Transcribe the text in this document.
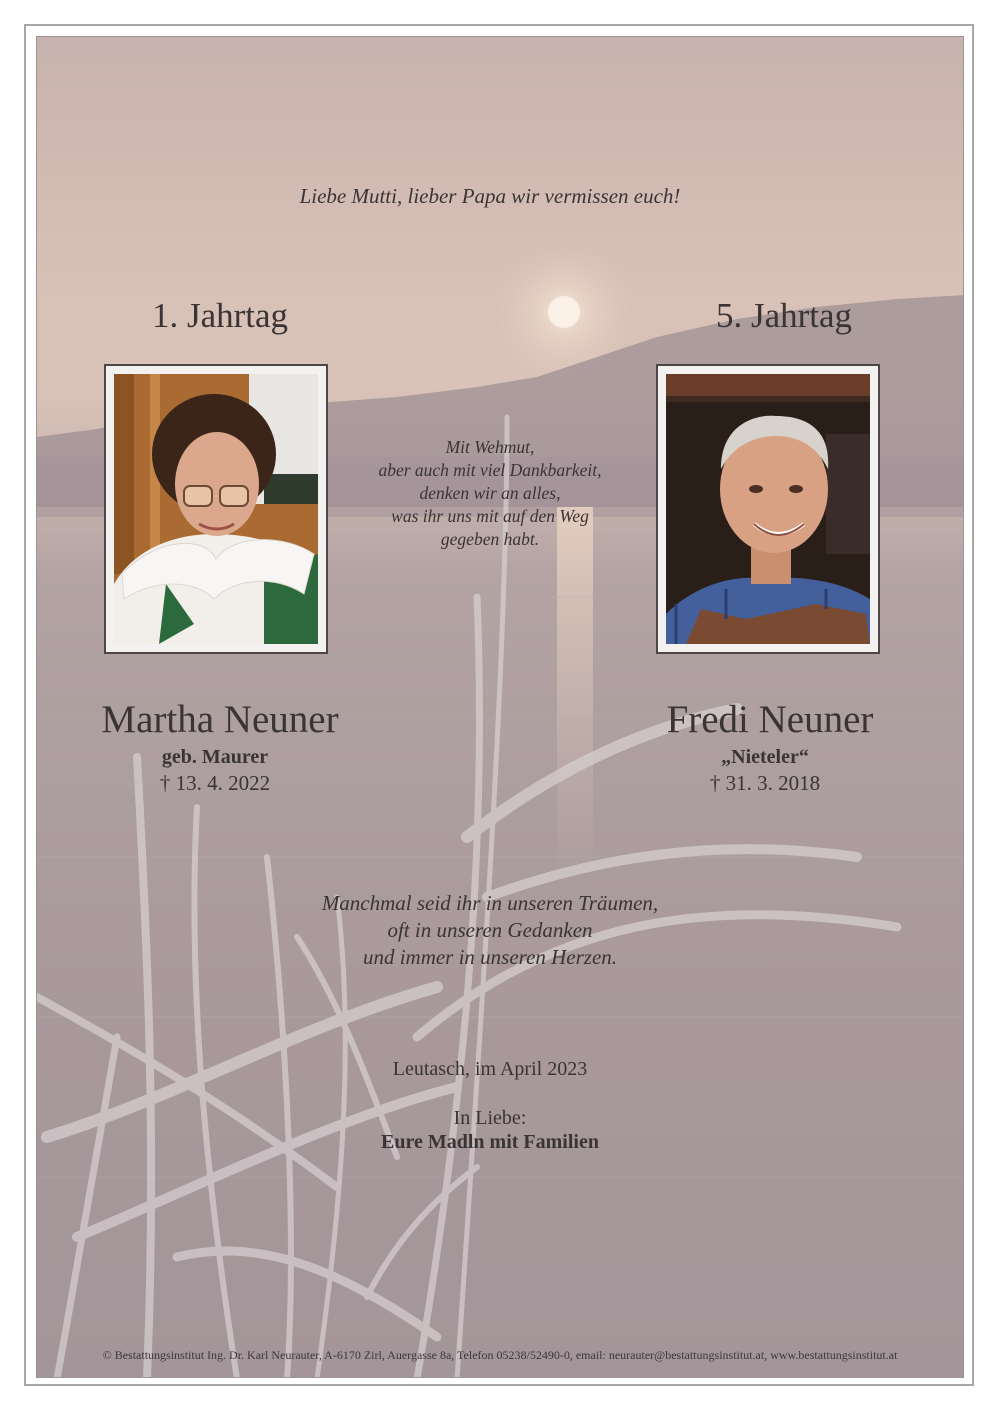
Liebe Mutti, lieber Papa wir vermissen euch!
1. Jahrtag	5. Jahrtag
Mit Wehmut,
aber auch mit viel Dankbarkeit,
denken wir an alles,
was ihr uns mit auf den Weg
gegeben habt.
Martha Neuner	Fredi Neuner
geb. Maurer	„Nieteler“
† 13. 4. 2022	† 31. 3. 2018
Manchmal seid ihr in unseren Träumen,
oft in unseren Gedanken
und immer in unseren Herzen.
Leutasch, im April 2023
In Liebe:
Eure Madln mit Familien
© Bestattungsinstitut Ing. Dr. Karl Neurauter, A-6170 Zirl, Auergasse 8a, Telefon 05238/52490-0, email: neurauter@bestattungsinstitut.at, www.bestattungsinstitut.at
